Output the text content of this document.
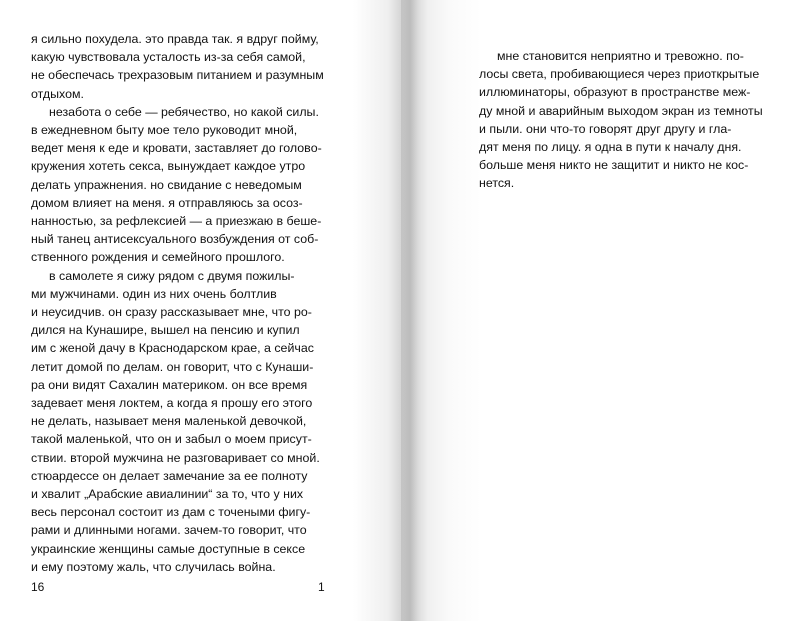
я сильно похудела. это правда так. я вдруг пойму,
какую чувствовала усталость из-за себя самой,
не обеспечась трехразовым питанием и разумным
отдыхом.
незабота о себе — ребячество, но какой силы.
в ежедневном быту мое тело руководит мной,
ведет меня к еде и кровати, заставляет до головo-
кружения хотеть секса, вынуждает каждое утро
делать упражнения. но свидание с неведомым
домом влияет на меня. я отправляюсь за осоз-
нанностью, за рефлексией — а приезжаю в беше-
ный танец антисексуального возбуждения от соб-
ственного рождения и семейного прошлого.
в самолете я сижу рядом с двумя пожилы-
ми мужчинами. один из них очень болтлив
и неусидчив. он сразу рассказывает мне, что ро-
дился на Кунашире, вышел на пенсию и купил
им с женой дачу в Краснодарском крае, а сейчас
летит домой по делам. он говорит, что с Кунаши-
ра они видят Сахалин материком. он все время
задевает меня локтем, а когда я прошу его этого
не делать, называет меня маленькой девочкой,
такой маленькой, что он и забыл о моем присут-
ствии. второй мужчина не разговаривает со мной.
стюардессе он делает замечание за ее полноту
и хвалит „Арабские авиалинии“ за то, что у них
весь персонал состоит из дам с точеными фигу-
рами и длинными ногами. зачем-то говорит, что
украинские женщины самые доступные в сексе
и ему поэтому жаль, что случилась война.
16	1
мне становится неприятно и тревожно. по-
лосы света, пробивающиеся через приоткрытые
иллюминаторы, образуют в пространстве меж-
ду мной и аварийным выходом экран из темноты
и пыли. они что-то говорят друг другу и гла-
дят меня по лицу. я одна в пути к началу дня.
больше меня никто не защитит и никто не кос-
нется.
